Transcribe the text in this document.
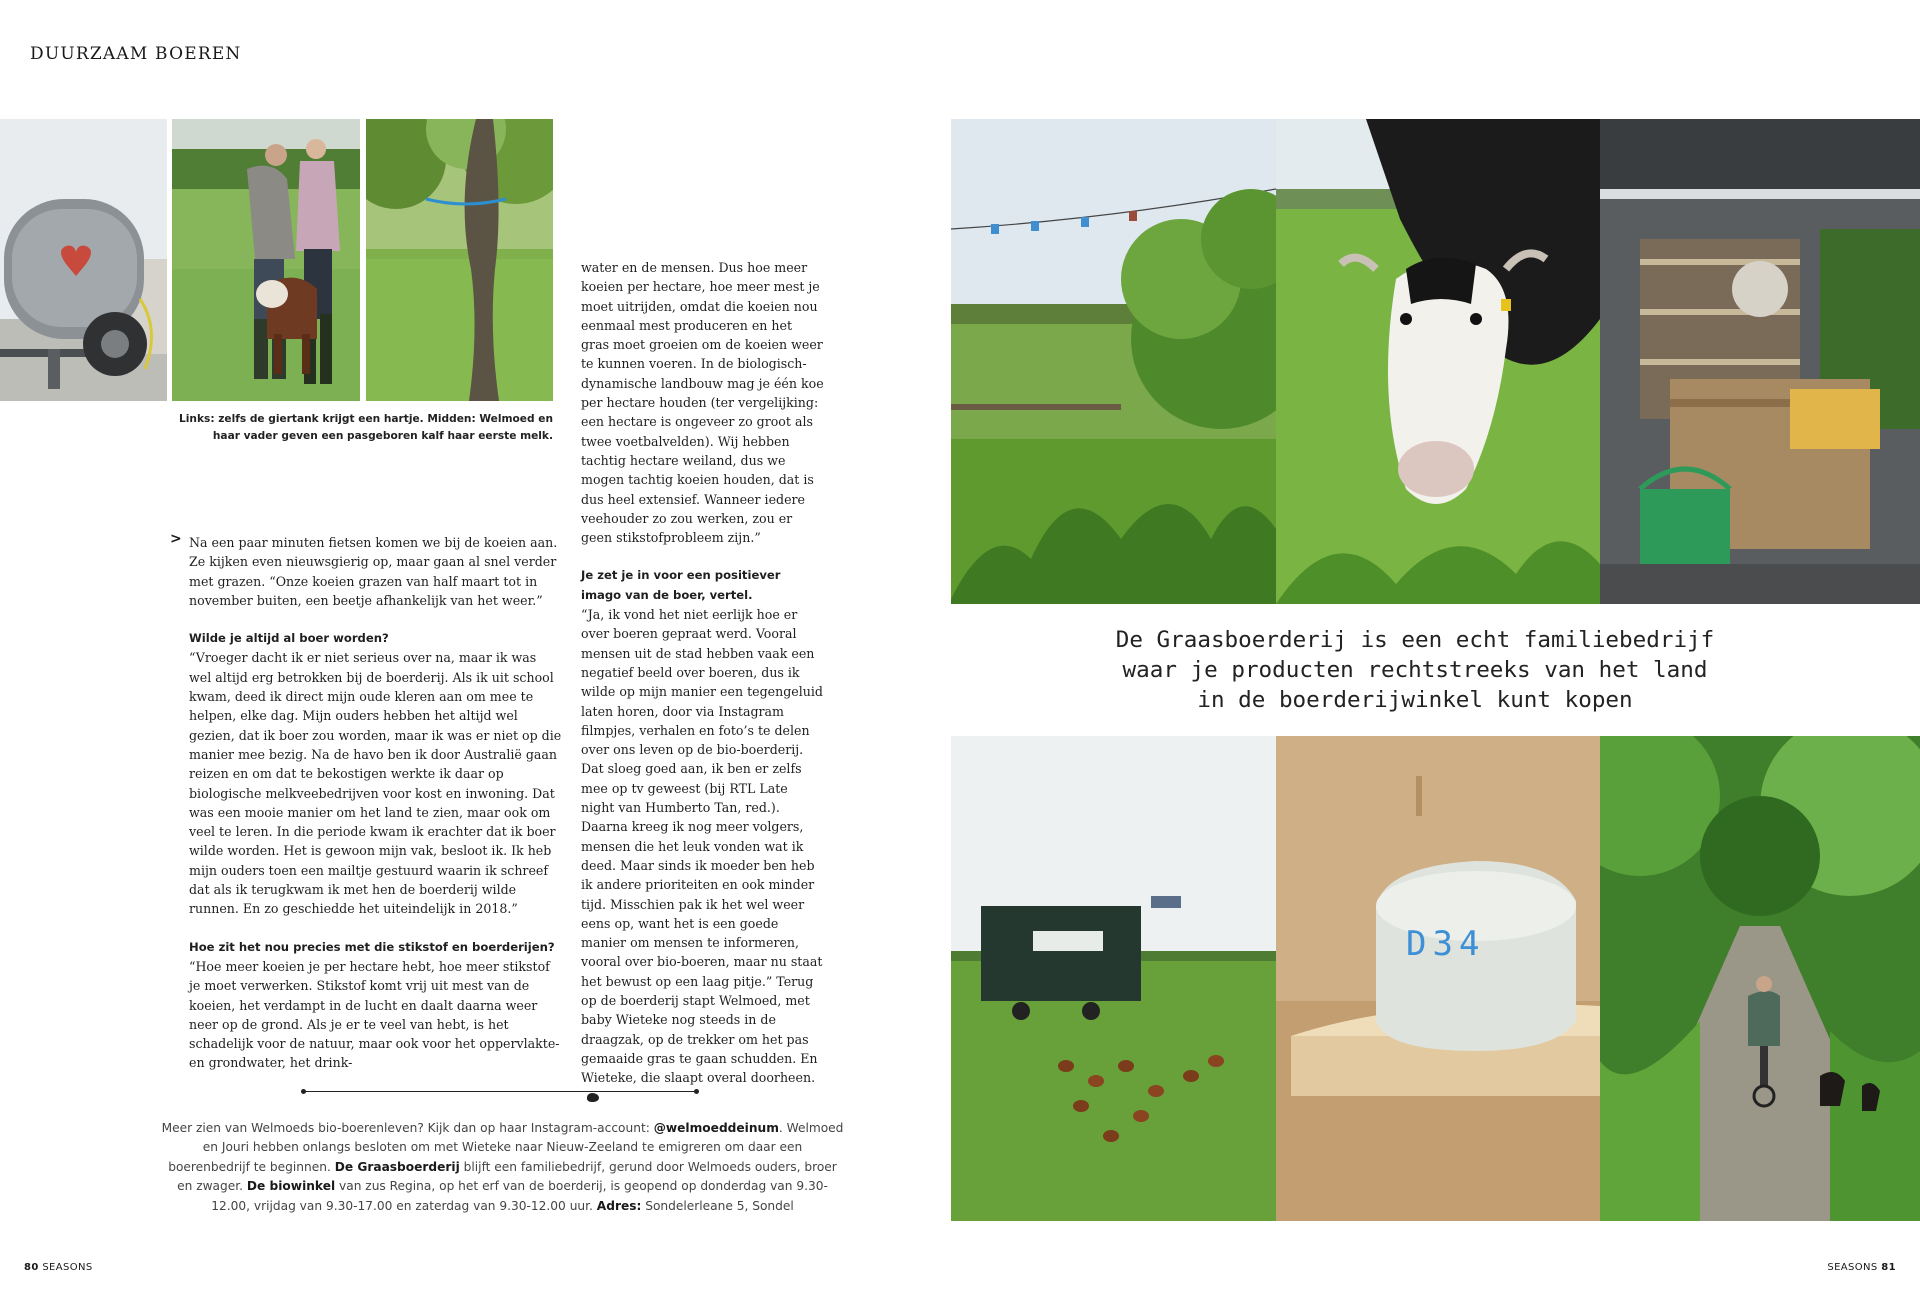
DUURZAAM BOEREN
Links: zelfs de giertank krijgt een hartje. Midden: Welmoed en haar vader geven een pasgeboren kalf haar eerste melk.
> Na een paar minuten fietsen komen we bij de koeien aan. Ze kijken even nieuwsgierig op, maar gaan al snel verder met grazen. “Onze koeien grazen van half maart tot in november buiten, een beetje afhankelijk van het weer.”

Wilde je altijd al boer worden?
“Vroeger dacht ik er niet serieus over na, maar ik was wel altijd erg betrokken bij de boerderij. Als ik uit school kwam, deed ik direct mijn oude kleren aan om mee te helpen, elke dag. Mijn ouders hebben het altijd wel gezien, dat ik boer zou worden, maar ik was er niet op die manier mee bezig. Na de havo ben ik door Australië gaan reizen en om dat te bekostigen werkte ik daar op biologische melkveebedrijven voor kost en inwoning. Dat was een mooie manier om het land te zien, maar ook om veel te leren. In die periode kwam ik erachter dat ik boer wilde worden. Het is gewoon mijn vak, besloot ik. Ik heb mijn ouders toen een mailtje gestuurd waarin ik schreef dat als ik terugkwam ik met hen de boerderij wilde runnen. En zo geschiedde het uiteindelijk in 2018.”

Hoe zit het nou precies met die stikstof en boerderijen?
“Hoe meer koeien je per hectare hebt, hoe meer stikstof je moet verwerken. Stikstof komt vrij uit mest van de koeien, het verdampt in de lucht en daalt daarna weer neer op de grond. Als je er te veel van hebt, is het schadelijk voor de natuur, maar ook voor het oppervlakte- en grondwater, het drink-

water en de mensen. Dus hoe meer koeien per hectare, hoe meer mest je moet uitrijden, omdat die koeien nou eenmaal mest produceren en het gras moet groeien om de koeien weer te kunnen voeren. In de biologisch-dynamische landbouw mag je één koe per hectare houden (ter vergelijking: een hectare is ongeveer zo groot als twee voetbalvelden). Wij hebben tachtig hectare weiland, dus we mogen tachtig koeien houden, dat is dus heel extensief. Wanneer iedere veehouder zo zou werken, zou er geen stikstofprobleem zijn.”

Je zet je in voor een positiever imago van de boer, vertel.
“Ja, ik vond het niet eerlijk hoe er over boeren gepraat werd. Vooral mensen uit de stad hebben vaak een negatief beeld over boeren, dus ik wilde op mijn manier een tegengeluid laten horen, door via Instagram filmpjes, verhalen en foto’s te delen over ons leven op de bio-boerderij. Dat sloeg goed aan, ik ben er zelfs mee op tv geweest (bij RTL Late night van Humberto Tan, red.). Daarna kreeg ik nog meer volgers, mensen die het leuk vonden wat ik deed. Maar sinds ik moeder ben heb ik andere prioriteiten en ook minder tijd. Misschien pak ik het wel weer eens op, want het is een goede manier om mensen te informeren, vooral over bio-boeren, maar nu staat het bewust op een laag pitje.” Terug op de boerderij stapt Welmoed, met baby Wieteke nog steeds in de draagzak, op de trekker om het pas gemaaide gras te gaan schudden. En Wieteke, die slaapt overal doorheen.

Meer zien van Welmoeds bio-boerenleven? Kijk dan op haar Instagram-account: @welmoeddeinum. Welmoed en Jouri hebben onlangs besloten om met Wieteke naar Nieuw-Zeeland te emigreren om daar een boerenbedrijf te beginnen. De Graasboerderij blijft een familiebedrijf, gerund door Welmoeds ouders, broer en zwager. De biowinkel van zus Regina, op het erf van de boerderij, is geopend op donderdag van 9.30-12.00, vrijdag van 9.30-17.00 en zaterdag van 9.30-12.00 uur. Adres: Sondelerleane 5, Sondel
80 SEASONS
De Graasboerderij is een echt familiebedrijf
waar je producten rechtstreeks van het land
in de boerderijwinkel kunt kopen
D34
SEASONS 81
